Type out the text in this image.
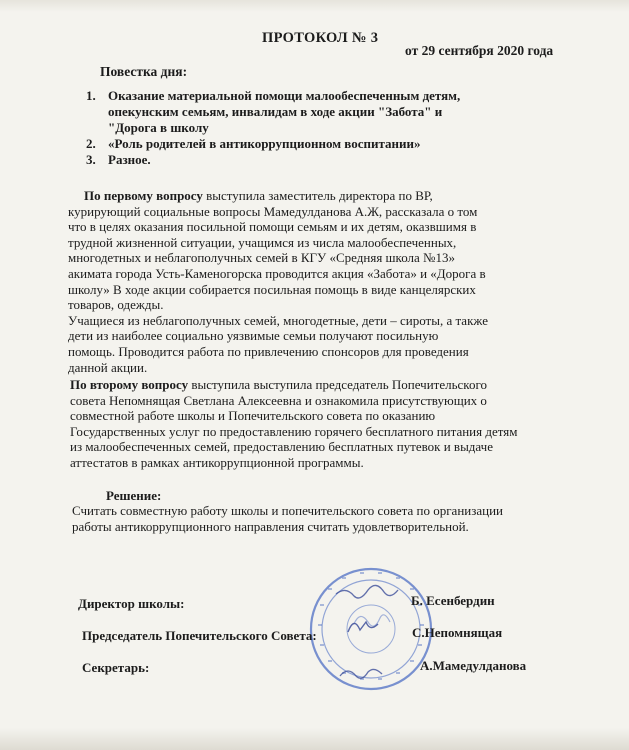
ПРОТОКОЛ № 3
от 29 сентября 2020 года
Повестка дня:
1. Оказание материальной помощи малообеспеченным детям,
опекунским семьям, инвалидам в ходе акции "Забота" и
"Дорога в школу
2. «Роль родителей в антикоррупционном воспитании»
3. Разное.
По первому вопросу выступила заместитель директора по ВР,
курирующий социальные вопросы Мамедулданова А.Ж, рассказала о том
что в целях оказания посильной помощи семьям и их детям, оказвшимя в
трудной жизненной ситуации, учащимся из числа малообеспеченных,
многодетных и неблагополучных семей в КГУ «Средняя школа №13»
акимата города Усть-Каменогорска проводится акция «Забота» и «Дорога в
школу» В ходе акции собирается посильная помощь в виде канцелярских
товаров, одежды.
Учащиеся из неблагополучных семей, многодетные, дети – сироты, а также
дети из наиболее социально уязвимые семьи получают посильную
помощь. Проводится работа по привлечению спонсоров для проведения
данной акции.
По второму вопросу выступила выступила председатель Попечительского
совета Непомнящая Светлана Алексеевна и ознакомила присутствующих о
совместной работе школы и Попечительского совета по оказанию
Государственных услуг по предоставлению горячего бесплатного питания детям
из малообеспеченных семей, предоставлению бесплатных путевок и выдаче
аттестатов в рамках антикоррупционной программы.
Решение:
Считать совместную работу школы и попечительского совета по организации
работы антикоррупционного направления считать удовлетворительной.
Директор школы:	Б. Есенбердин
Председатель Попечительского Совета:	С.Непомнящая
Секретарь:	А.Мамедулданова
